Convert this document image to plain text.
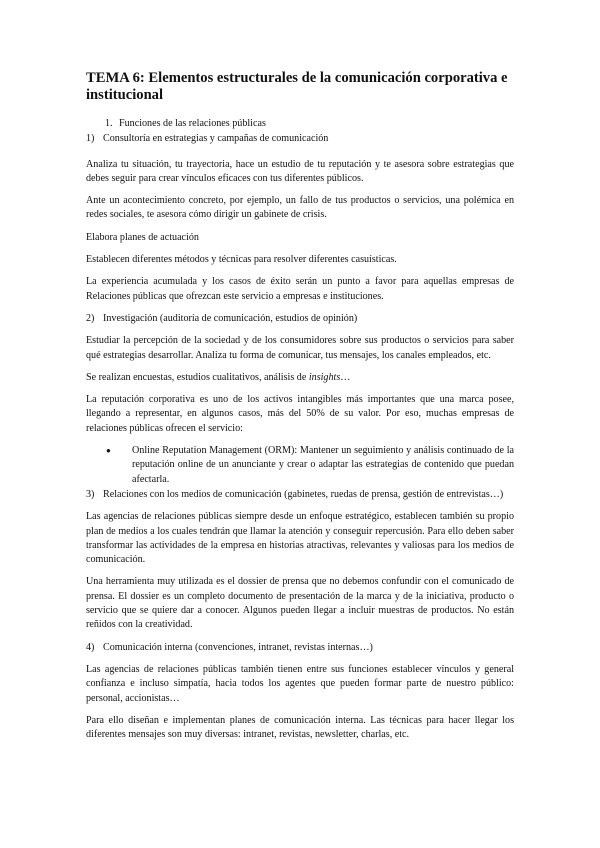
TEMA 6: Elementos estructurales de la comunicación corporativa e institucional
1. Funciones de las relaciones públicas
1) Consultoría en estrategias y campañas de comunicación

Analiza tu situación, tu trayectoria, hace un estudio de tu reputación y te asesora sobre estrategias que debes seguir para crear vínculos eficaces con tus diferentes públicos.

Ante un acontecimiento concreto, por ejemplo, un fallo de tus productos o servicios, una polémica en redes sociales, te asesora cómo dirigir un gabinete de crisis.

Elabora planes de actuación

Establecen diferentes métodos y técnicas para resolver diferentes casuísticas.

La experiencia acumulada y los casos de éxito serán un punto a favor para aquellas empresas de Relaciones públicas que ofrezcan este servicio a empresas e instituciones.

2) Investigación (auditoría de comunicación, estudios de opinión)

Estudiar la percepción de la sociedad y de los consumidores sobre sus productos o servicios para saber qué estrategias desarrollar. Analiza tu forma de comunicar, tus mensajes, los canales empleados, etc.

Se realizan encuestas, estudios cualitativos, análisis de insights…

La reputación corporativa es uno de los activos intangibles más importantes que una marca posee, llegando a representar, en algunos casos, más del 50% de su valor. Por eso, muchas empresas de relaciones públicas ofrecen el servicio:

●	Online Reputation Management (ORM): Mantener un seguimiento y análisis continuado de la reputación online de un anunciante y crear o adaptar las estrategias de contenido que puedan afectarla.
3) Relaciones con los medios de comunicación (gabinetes, ruedas de prensa, gestión de entrevistas…)

Las agencias de relaciones públicas siempre desde un enfoque estratégico, establecen también su propio plan de medios a los cuales tendrán que llamar la atención y conseguir repercusión. Para ello deben saber transformar las actividades de la empresa en historias atractivas, relevantes y valiosas para los medios de comunicación.

Una herramienta muy utilizada es el dossier de prensa que no debemos confundir con el comunicado de prensa. El dossier es un completo documento de presentación de la marca y de la iniciativa, producto o servicio que se quiere dar a conocer. Algunos pueden llegar a incluir muestras de productos. No están reñidos con la creatividad.

4) Comunicación interna (convenciones, intranet, revistas internas…)

Las agencias de relaciones públicas también tienen entre sus funciones establecer vínculos y general confianza e incluso simpatía, hacia todos los agentes que pueden formar parte de nuestro público: personal, accionistas…

Para ello diseñan e implementan planes de comunicación interna. Las técnicas para hacer llegar los diferentes mensajes son muy diversas: intranet, revistas, newsletter, charlas, etc.
